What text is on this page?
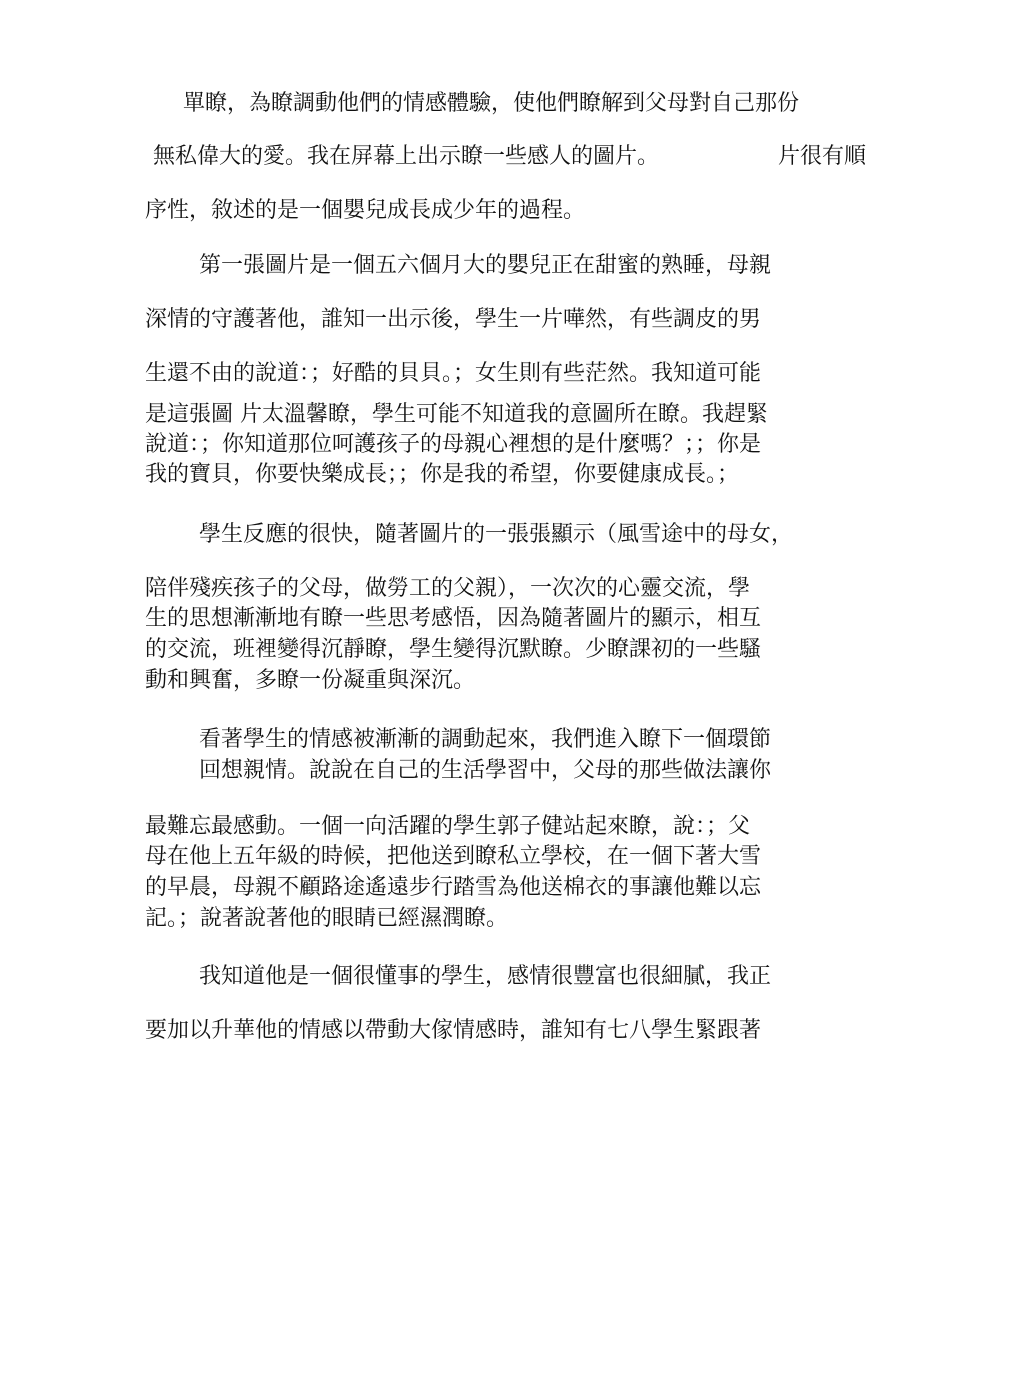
單瞭，為瞭調動他們的情感體驗，使他們瞭解到父母對自己那份
無私偉大的愛。我在屏幕上出示瞭一些感人的圖片。	片很有順
序性，敘述的是一個嬰兒成長成少年的過程。
第一張圖片是一個五六個月大的嬰兒正在甜蜜的熟睡，母親
深情的守護著他，誰知一出示後，學生一片嘩然，有些調皮的男
生還不由的說道：；好酷的貝貝。；女生則有些茫然。我知道可能
是這張圖 片太溫馨瞭，學生可能不知道我的意圖所在瞭。我趕緊
說道：；你知道那位呵護孩子的母親心裡想的是什麼嗎？；；你是
我的寶貝，你要快樂成長；；你是我的希望，你要健康成長。；
學生反應的很快，隨著圖片的一張張顯示（風雪途中的母女，
陪伴殘疾孩子的父母，做勞工的父親），一次次的心靈交流，學
生的思想漸漸地有瞭一些思考感悟，因為隨著圖片的顯示，相互
的交流，班裡變得沉靜瞭，學生變得沉默瞭。少瞭課初的一些騷
動和興奮，多瞭一份凝重與深沉。
看著學生的情感被漸漸的調動起來，我們進入瞭下一個環節
回想親情。說說在自己的生活學習中，父母的那些做法讓你
最難忘最感動。一個一向活躍的學生郭子健站起來瞭，說：；父
母在他上五年級的時候，把他送到瞭私立學校，在一個下著大雪
的早晨，母親不顧路途遙遠步行踏雪為他送棉衣的事讓他難以忘
記。；說著說著他的眼睛已經濕潤瞭。
我知道他是一個很懂事的學生，感情很豐富也很細膩，我正
要加以升華他的情感以帶動大傢情感時，誰知有七八學生緊跟著
